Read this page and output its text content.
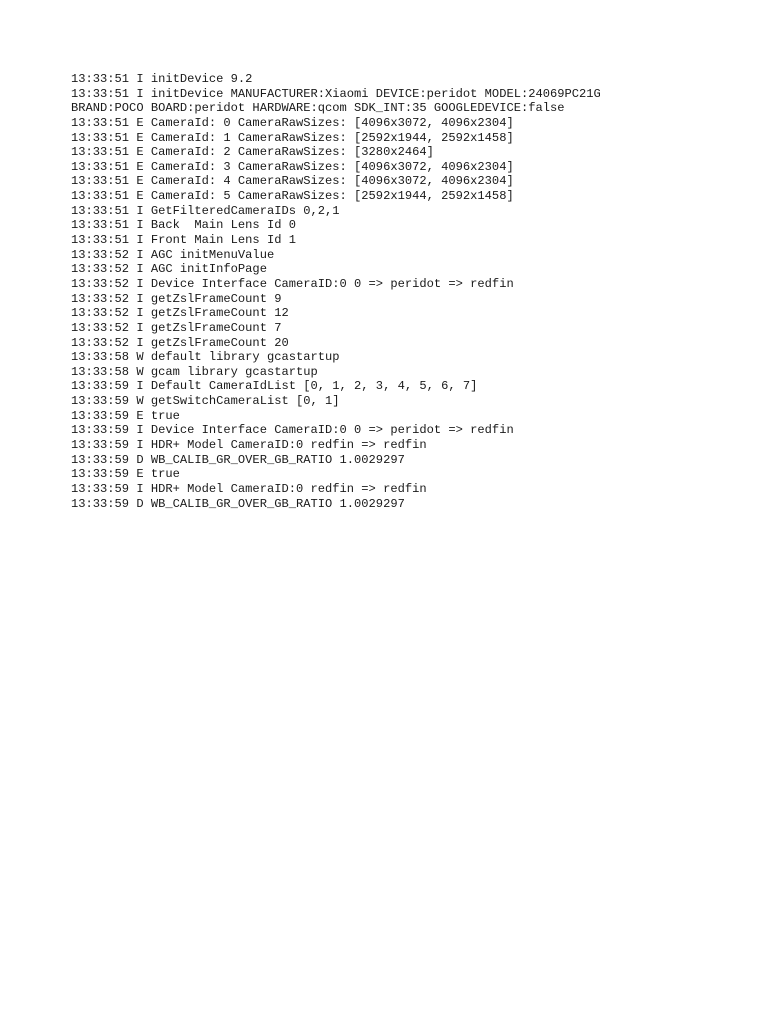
13:33:51 I initDevice 9.2
13:33:51 I initDevice MANUFACTURER:Xiaomi DEVICE:peridot MODEL:24069PC21G
BRAND:POCO BOARD:peridot HARDWARE:qcom SDK_INT:35 GOOGLEDEVICE:false
13:33:51 E CameraId: 0 CameraRawSizes: [4096x3072, 4096x2304]
13:33:51 E CameraId: 1 CameraRawSizes: [2592x1944, 2592x1458]
13:33:51 E CameraId: 2 CameraRawSizes: [3280x2464]
13:33:51 E CameraId: 3 CameraRawSizes: [4096x3072, 4096x2304]
13:33:51 E CameraId: 4 CameraRawSizes: [4096x3072, 4096x2304]
13:33:51 E CameraId: 5 CameraRawSizes: [2592x1944, 2592x1458]
13:33:51 I GetFilteredCameraIDs 0,2,1
13:33:51 I Back  Main Lens Id 0
13:33:51 I Front Main Lens Id 1
13:33:52 I AGC initMenuValue
13:33:52 I AGC initInfoPage
13:33:52 I Device Interface CameraID:0 0 => peridot => redfin
13:33:52 I getZslFrameCount 9
13:33:52 I getZslFrameCount 12
13:33:52 I getZslFrameCount 7
13:33:52 I getZslFrameCount 20
13:33:58 W default library gcastartup
13:33:58 W gcam library gcastartup
13:33:59 I Default CameraIdList [0, 1, 2, 3, 4, 5, 6, 7]
13:33:59 W getSwitchCameraList [0, 1]
13:33:59 E true
13:33:59 I Device Interface CameraID:0 0 => peridot => redfin
13:33:59 I HDR+ Model CameraID:0 redfin => redfin
13:33:59 D WB_CALIB_GR_OVER_GB_RATIO 1.0029297
13:33:59 E true
13:33:59 I HDR+ Model CameraID:0 redfin => redfin
13:33:59 D WB_CALIB_GR_OVER_GB_RATIO 1.0029297
